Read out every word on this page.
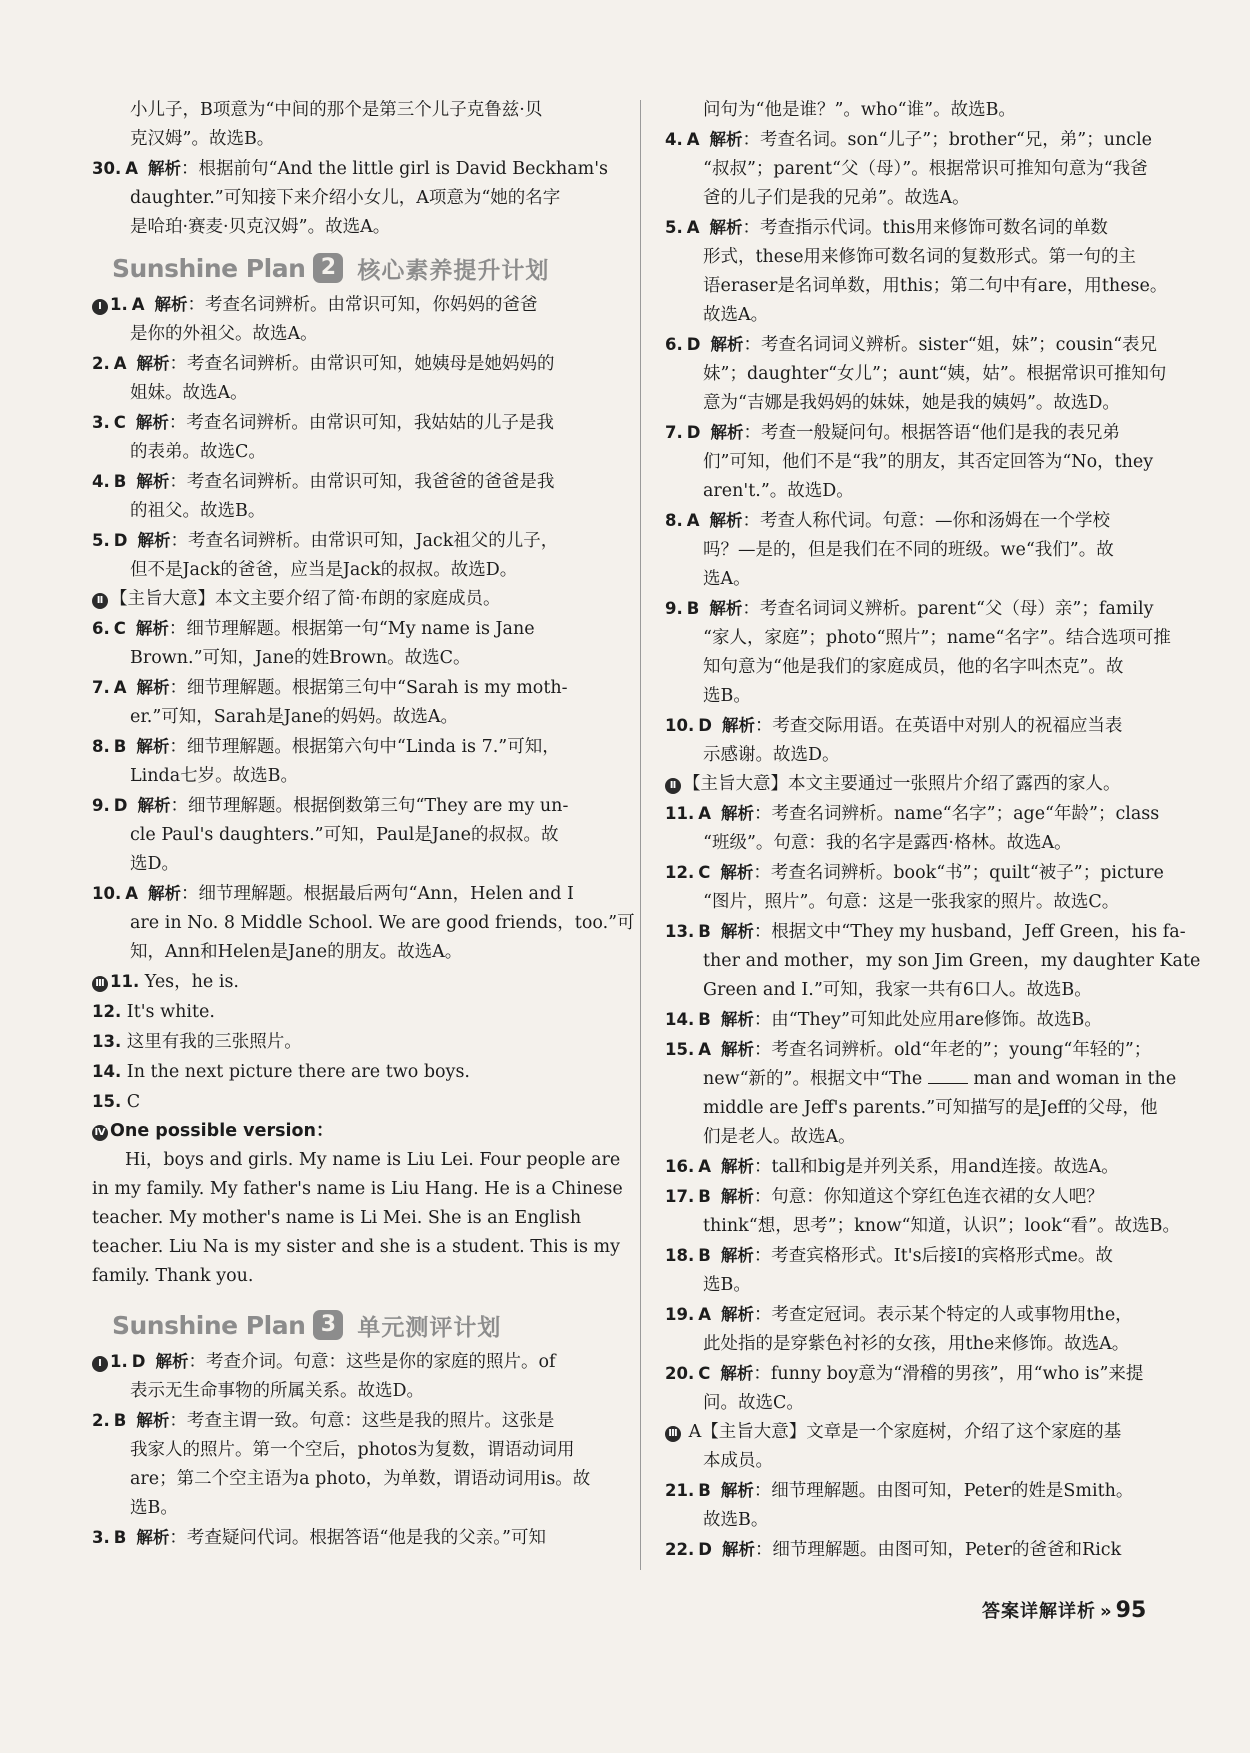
小儿子，B项意为“中间的那个是第三个儿子克鲁兹·贝
克汉姆”。故选B。
30. A 解析：根据前句“And the little girl is David Beckham's
daughter.”可知接下来介绍小女儿，A项意为“她的名字
是哈珀·赛麦·贝克汉姆”。故选A。
Sunshine Plan 2 核心素养提升计划
Ⅰ 1. A 解析：考查名词辨析。由常识可知，你妈妈的爸爸
是你的外祖父。故选A。
2. A 解析：考查名词辨析。由常识可知，她姨母是她妈妈的
姐妹。故选A。
3. C 解析：考查名词辨析。由常识可知，我姑姑的儿子是我
的表弟。故选C。
4. B 解析：考查名词辨析。由常识可知，我爸爸的爸爸是我
的祖父。故选B。
5. D 解析：考查名词辨析。由常识可知，Jack祖父的儿子，
但不是Jack的爸爸，应当是Jack的叔叔。故选D。
Ⅱ 【主旨大意】本文主要介绍了简·布朗的家庭成员。
6. C 解析：细节理解题。根据第一句“My name is Jane
Brown.”可知，Jane的姓Brown。故选C。
7. A 解析：细节理解题。根据第三句中“Sarah is my moth-
er.”可知，Sarah是Jane的妈妈。故选A。
8. B 解析：细节理解题。根据第六句中“Linda is 7.”可知，
Linda七岁。故选B。
9. D 解析：细节理解题。根据倒数第三句“They are my un-
cle Paul's daughters.”可知，Paul是Jane的叔叔。故
选D。
10. A 解析：细节理解题。根据最后两句“Ann，Helen and I
are in No. 8 Middle School. We are good friends，too.”可
知，Ann和Helen是Jane的朋友。故选A。
Ⅲ 11. Yes，he is.
12. It's white.
13. 这里有我的三张照片。
14. In the next picture there are two boys.
15. C
Ⅳ One possible version：
Hi，boys and girls. My name is Liu Lei. Four people are
in my family. My father's name is Liu Hang. He is a Chinese
teacher. My mother's name is Li Mei. She is an English
teacher. Liu Na is my sister and she is a student. This is my
family. Thank you.
Sunshine Plan 3 单元测评计划
Ⅰ 1. D 解析：考查介词。句意：这些是你的家庭的照片。of
表示无生命事物的所属关系。故选D。
2. B 解析：考查主谓一致。句意：这些是我的照片。这张是
我家人的照片。第一个空后，photos为复数，谓语动词用
are；第二个空主语为a photo，为单数，谓语动词用is。故
选B。
3. B 解析：考查疑问代词。根据答语“他是我的父亲。”可知
问句为“他是谁？”。who“谁”。故选B。
4. A 解析：考查名词。son“儿子”；brother“兄，弟”；uncle
“叔叔”；parent“父（母）”。根据常识可推知句意为“我爸
爸的儿子们是我的兄弟”。故选A。
5. A 解析：考查指示代词。this用来修饰可数名词的单数
形式，these用来修饰可数名词的复数形式。第一句的主
语eraser是名词单数，用this；第二句中有are，用these。
故选A。
6. D 解析：考查名词词义辨析。sister“姐，妹”；cousin“表兄
妹”；daughter“女儿”；aunt“姨，姑”。根据常识可推知句
意为“吉娜是我妈妈的妹妹，她是我的姨妈”。故选D。
7. D 解析：考查一般疑问句。根据答语“他们是我的表兄弟
们”可知，他们不是“我”的朋友，其否定回答为“No，they
aren't.”。故选D。
8. A 解析：考查人称代词。句意：—你和汤姆在一个学校
吗？—是的，但是我们在不同的班级。we“我们”。故
选A。
9. B 解析：考查名词词义辨析。parent“父（母）亲”；family
“家人，家庭”；photo“照片”；name“名字”。结合选项可推
知句意为“他是我们的家庭成员，他的名字叫杰克”。故
选B。
10. D 解析：考查交际用语。在英语中对别人的祝福应当表
示感谢。故选D。
Ⅱ 【主旨大意】本文主要通过一张照片介绍了露西的家人。
11. A 解析：考查名词辨析。name“名字”；age“年龄”；class
“班级”。句意：我的名字是露西·格林。故选A。
12. C 解析：考查名词辨析。book“书”；quilt“被子”；picture
“图片，照片”。句意：这是一张我家的照片。故选C。
13. B 解析：根据文中“They my husband，Jeff Green，his fa-
ther and mother，my son Jim Green，my daughter Kate
Green and I.”可知，我家一共有6口人。故选B。
14. B 解析：由“They”可知此处应用are修饰。故选B。
15. A 解析：考查名词辨析。old“年老的”；young“年轻的”；
new“新的”。根据文中“The  man and woman in the
middle are Jeff's parents.”可知描写的是Jeff的父母，他
们是老人。故选A。
16. A 解析：tall和big是并列关系，用and连接。故选A。
17. B 解析：句意：你知道这个穿红色连衣裙的女人吧？
think“想，思考”；know“知道，认识”；look“看”。故选B。
18. B 解析：考查宾格形式。It's后接I的宾格形式me。故
选B。
19. A 解析：考查定冠词。表示某个特定的人或事物用the，
此处指的是穿紫色衬衫的女孩，用the来修饰。故选A。
20. C 解析：funny boy意为“滑稽的男孩”，用“who is”来提
问。故选C。
Ⅲ A【主旨大意】文章是一个家庭树，介绍了这个家庭的基
本成员。
21. B 解析：细节理解题。由图可知，Peter的姓是Smith。
故选B。
22. D 解析：细节理解题。由图可知，Peter的爸爸和Rick
答案详解详析 » 95
